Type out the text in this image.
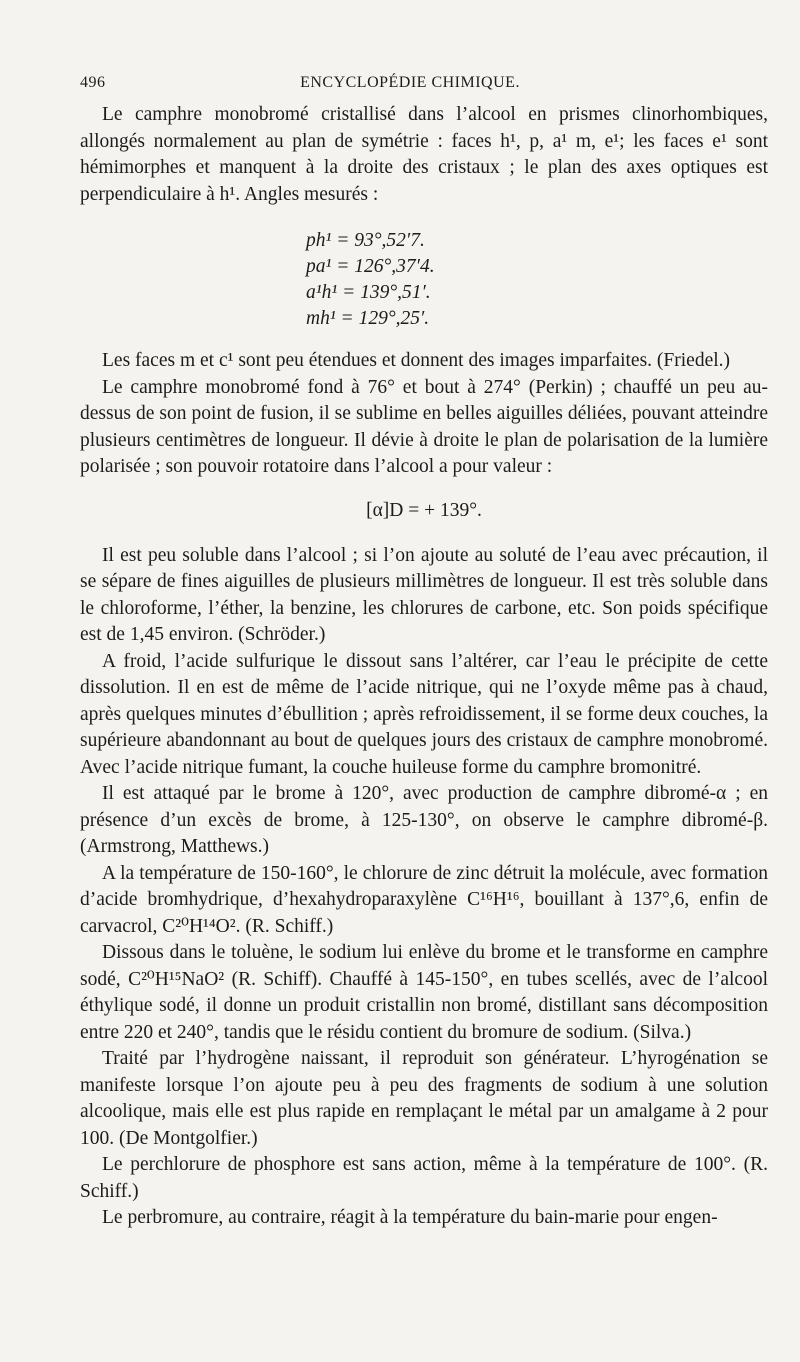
496	ENCYCLOPÉDIE CHIMIQUE.

Le camphre monobromé cristallisé dans l’alcool en prismes clinorhombiques, allongés normalement au plan de symétrie : faces h¹, p, a¹ m, e¹; les faces e¹ sont hémimorphes et manquent à la droite des cristaux ; le plan des axes optiques est perpendiculaire à h¹. Angles mesurés :

ph¹ = 93°,52′7.
pa¹ = 126°,37′4.
a¹h¹ = 139°,51′.
mh¹ = 129°,25′.

Les faces m et c¹ sont peu étendues et donnent des images imparfaites. (Friedel.)

Le camphre monobromé fond à 76° et bout à 274° (Perkin) ; chauffé un peu au-dessus de son point de fusion, il se sublime en belles aiguilles déliées, pouvant atteindre plusieurs centimètres de longueur. Il dévie à droite le plan de polarisation de la lumière polarisée ; son pouvoir rotatoire dans l’alcool a pour valeur :

[α]D = + 139°.

Il est peu soluble dans l’alcool ; si l’on ajoute au soluté de l’eau avec précaution, il se sépare de fines aiguilles de plusieurs millimètres de longueur. Il est très soluble dans le chloroforme, l’éther, la benzine, les chlorures de carbone, etc. Son poids spécifique est de 1,45 environ. (Schröder.)

A froid, l’acide sulfurique le dissout sans l’altérer, car l’eau le précipite de cette dissolution. Il en est de même de l’acide nitrique, qui ne l’oxyde même pas à chaud, après quelques minutes d’ébullition ; après refroidissement, il se forme deux couches, la supérieure abandonnant au bout de quelques jours des cristaux de camphre monobromé. Avec l’acide nitrique fumant, la couche huileuse forme du camphre bromonitré.

Il est attaqué par le brome à 120°, avec production de camphre dibromé-α ; en présence d’un excès de brome, à 125-130°, on observe le camphre dibromé-β. (Armstrong, Matthews.)

A la température de 150-160°, le chlorure de zinc détruit la molécule, avec formation d’acide bromhydrique, d’hexahydroparaxylène C¹⁶H¹⁶, bouillant à 137°,6, enfin de carvacrol, C²⁰H¹⁴O². (R. Schiff.)

Dissous dans le toluène, le sodium lui enlève du brome et le transforme en camphre sodé, C²⁰H¹⁵NaO² (R. Schiff). Chauffé à 145-150°, en tubes scellés, avec de l’alcool éthylique sodé, il donne un produit cristallin non bromé, distillant sans décomposition entre 220 et 240°, tandis que le résidu contient du bromure de sodium. (Silva.)

Traité par l’hydrogène naissant, il reproduit son générateur. L’hyrogénation se manifeste lorsque l’on ajoute peu à peu des fragments de sodium à une solution alcoolique, mais elle est plus rapide en remplaçant le métal par un amalgame à 2 pour 100. (De Montgolfier.)

Le perchlorure de phosphore est sans action, même à la température de 100°. (R. Schiff.)

Le perbromure, au contraire, réagit à la température du bain-marie pour engen-
